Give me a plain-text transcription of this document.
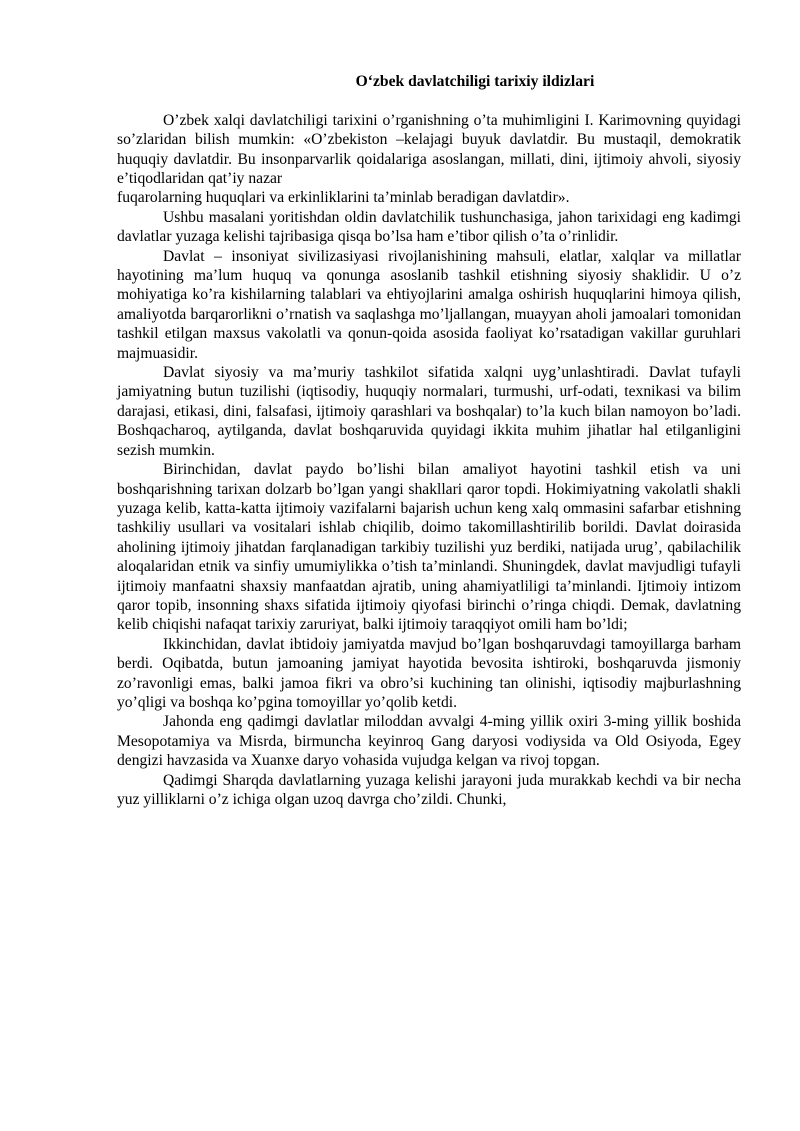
O‘zbek davlatchiligi tarixiy ildizlari

O’zbek xalqi davlatchiligi tarixini o’rganishning o’ta muhimligini I. Karimovning quyidagi so’zlaridan bilish mumkin: «O’zbekiston –kelajagi buyuk davlatdir. Bu mustaqil, demokratik huquqiy davlatdir. Bu insonparvarlik qoidalariga asoslangan, millati, dini, ijtimoiy ahvoli, siyosiy e’tiqodlaridan qat’iy nazar

fuqarolarning huquqlari va erkinliklarini ta’minlab beradigan davlatdir».

Ushbu masalani yoritishdan oldin davlatchilik tushunchasiga, jahon tarixidagi eng kadimgi davlatlar yuzaga kelishi tajribasiga qisqa bo’lsa ham e’tibor qilish o’ta o’rinlidir.

Davlat – insoniyat sivilizasiyasi rivojlanishining mahsuli, elatlar, xalqlar va millatlar hayotining ma’lum huquq va qonunga asoslanib tashkil etishning siyosiy shaklidir. U o’z mohiyatiga ko’ra kishilarning talablari va ehtiyojlarini amalga oshirish huquqlarini himoya qilish, amaliyotda barqarorlikni o’rnatish va saqlashga mo’ljallangan, muayyan aholi jamoalari tomonidan tashkil etilgan maxsus vakolatli va qonun-qoida asosida faoliyat ko’rsatadigan vakillar guruhlari majmuasidir.

Davlat siyosiy va ma’muriy tashkilot sifatida xalqni uyg’unlashtiradi. Davlat tufayli jamiyatning butun tuzilishi (iqtisodiy, huquqiy normalari, turmushi, urf-odati, texnikasi va bilim darajasi, etikasi, dini, falsafasi, ijtimoiy qarashlari va boshqalar) to’la kuch bilan namoyon bo’ladi. Boshqacharoq, aytilganda, davlat boshqaruvida quyidagi ikkita muhim jihatlar hal etilganligini sezish mumkin.

Birinchidan, davlat paydo bo’lishi bilan amaliyot hayotini tashkil etish va uni boshqarishning tarixan dolzarb bo’lgan yangi shakllari qaror topdi. Hokimiyatning vakolatli shakli yuzaga kelib, katta-katta ijtimoiy vazifalarni bajarish uchun keng xalq ommasini safarbar etishning tashkiliy usullari va vositalari ishlab chiqilib, doimo takomillashtirilib borildi. Davlat doirasida aholining ijtimoiy jihatdan farqlanadigan tarkibiy tuzilishi yuz berdiki, natijada urug’, qabilachilik aloqalaridan etnik va sinfiy umumiylikka o’tish ta’minlandi. Shuningdek, davlat mavjudligi tufayli ijtimoiy manfaatni shaxsiy manfaatdan ajratib, uning ahamiyatliligi ta’minlandi. Ijtimoiy intizom qaror topib, insonning shaxs sifatida ijtimoiy qiyofasi birinchi o’ringa chiqdi. Demak, davlatning kelib chiqishi nafaqat tarixiy zaruriyat, balki ijtimoiy taraqqiyot omili ham bo’ldi;

Ikkinchidan, davlat ibtidoiy jamiyatda mavjud bo’lgan boshqaruvdagi tamoyillarga barham berdi. Oqibatda, butun jamoaning jamiyat hayotida bevosita ishtiroki, boshqaruvda jismoniy zo’ravonligi emas, balki jamoa fikri va obro’si kuchining tan olinishi, iqtisodiy majburlashning yo’qligi va boshqa ko’pgina tomoyillar yo’qolib ketdi.

Jahonda eng qadimgi davlatlar miloddan avvalgi 4-ming yillik oxiri 3-ming yillik boshida Mesopotamiya va Misrda, birmuncha keyinroq Gang daryosi vodiysida va Old Osiyoda, Egey dengizi havzasida va Xuanxe daryo vohasida vujudga kelgan va rivoj topgan.

Qadimgi Sharqda davlatlarning yuzaga kelishi jarayoni juda murakkab kechdi va bir necha yuz yilliklarni o’z ichiga olgan uzoq davrga cho’zildi. Chunki,
